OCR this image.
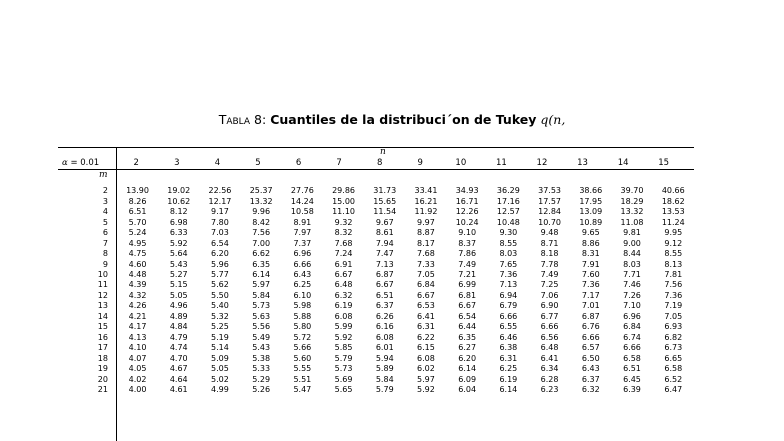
Tabla 8: Cuantiles de la distribuci´on de Tukey q(n,
n
α = 0.01
m
2	3	4	5	6	7	8	9	10	11	12	13	14	15
2	13.90	19.02	22.56	25.37	27.76	29.86	31.73	33.41	34.93	36.29	37.53	38.66	39.70	40.66
3	8.26	10.62	12.17	13.32	14.24	15.00	15.65	16.21	16.71	17.16	17.57	17.95	18.29	18.62
4	6.51	8.12	9.17	9.96	10.58	11.10	11.54	11.92	12.26	12.57	12.84	13.09	13.32	13.53
5	5.70	6.98	7.80	8.42	8.91	9.32	9.67	9.97	10.24	10.48	10.70	10.89	11.08	11.24
6	5.24	6.33	7.03	7.56	7.97	8.32	8.61	8.87	9.10	9.30	9.48	9.65	9.81	9.95
7	4.95	5.92	6.54	7.00	7.37	7.68	7.94	8.17	8.37	8.55	8.71	8.86	9.00	9.12
8	4.75	5.64	6.20	6.62	6.96	7.24	7.47	7.68	7.86	8.03	8.18	8.31	8.44	8.55
9	4.60	5.43	5.96	6.35	6.66	6.91	7.13	7.33	7.49	7.65	7.78	7.91	8.03	8.13
10	4.48	5.27	5.77	6.14	6.43	6.67	6.87	7.05	7.21	7.36	7.49	7.60	7.71	7.81
11	4.39	5.15	5.62	5.97	6.25	6.48	6.67	6.84	6.99	7.13	7.25	7.36	7.46	7.56
12	4.32	5.05	5.50	5.84	6.10	6.32	6.51	6.67	6.81	6.94	7.06	7.17	7.26	7.36
13	4.26	4.96	5.40	5.73	5.98	6.19	6.37	6.53	6.67	6.79	6.90	7.01	7.10	7.19
14	4.21	4.89	5.32	5.63	5.88	6.08	6.26	6.41	6.54	6.66	6.77	6.87	6.96	7.05
15	4.17	4.84	5.25	5.56	5.80	5.99	6.16	6.31	6.44	6.55	6.66	6.76	6.84	6.93
16	4.13	4.79	5.19	5.49	5.72	5.92	6.08	6.22	6.35	6.46	6.56	6.66	6.74	6.82
17	4.10	4.74	5.14	5.43	5.66	5.85	6.01	6.15	6.27	6.38	6.48	6.57	6.66	6.73
18	4.07	4.70	5.09	5.38	5.60	5.79	5.94	6.08	6.20	6.31	6.41	6.50	6.58	6.65
19	4.05	4.67	5.05	5.33	5.55	5.73	5.89	6.02	6.14	6.25	6.34	6.43	6.51	6.58
20	4.02	4.64	5.02	5.29	5.51	5.69	5.84	5.97	6.09	6.19	6.28	6.37	6.45	6.52
21	4.00	4.61	4.99	5.26	5.47	5.65	5.79	5.92	6.04	6.14	6.23	6.32	6.39	6.47
